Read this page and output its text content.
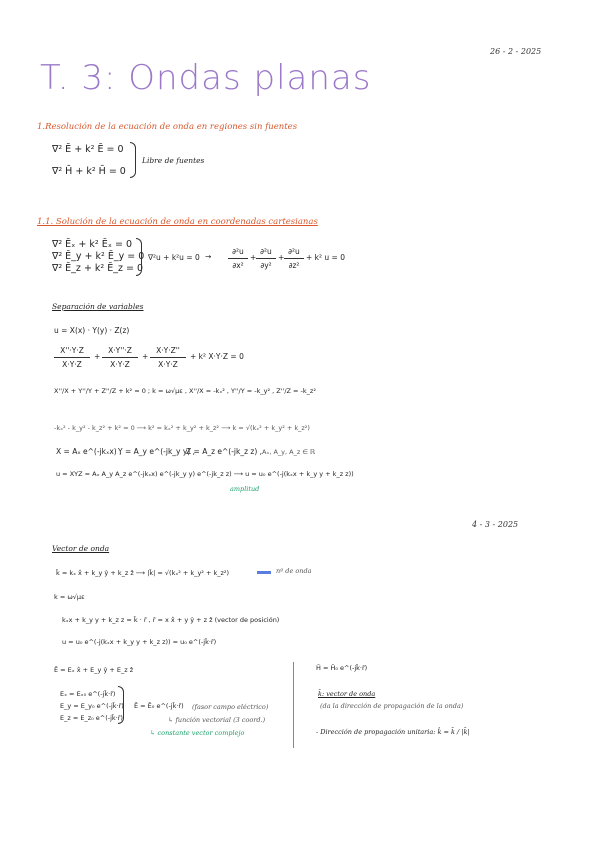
26 - 2 - 2025
4 - 3 - 2025
T. 3: Ondas planas
1.Resolución de la ecuación de onda en regiones sin fuentes
∇² Ē + k² Ē = 0
∇² H̄ + k² H̄ = 0
Libre de fuentes
1.1. Solución de la ecuación de onda en coordenadas cartesianas
∇² Ēₓ + k² Ēₓ = 0
∇² Ē_y + k² Ē_y = 0
∇² Ē_z + k² Ē_z = 0
∇²u + k²u = 0 →
∂²u
∂x²
+
∂²u
∂y²
+
∂²u
∂z²
+ k² u = 0
Separación de variables
u = X(x) · Y(y) · Z(z)
X''·Y·Z
X·Y·Z
+
X·Y''·Z
X·Y·Z
+
X·Y·Z''
X·Y·Z
+ k² X·Y·Z = 0
X''/X + Y''/Y + Z''/Z + k² = 0 ; k = ω√με , X''/X = -kₓ² , Y''/Y = -k_y² , Z''/Z = -k_z²
-kₓ² - k_y² - k_z² + k² = 0 ⟶ k² = kₓ² + k_y² + k_z² ⟶ k = √(kₓ² + k_y² + k_z²)
X = Aₓ e^(-jkₓx) ,
Y = A_y e^(-jk_y y) ,
Z = A_z e^(-jk_z z) , Aₓ, A_y, A_z ∈ ℝ
u = XYZ = Aₓ A_y A_z e^(-jkₓx) e^(-jk_y y) e^(-jk_z z) ⟶ u = u₀ e^(-j(kₓx + k_y y + k_z z))
amplitud
Vector de onda
k̄ = kₓ x̂ + k_y ŷ + k_z ẑ ⟶ |k̄| = √(kₓ² + k_y² + k_z²)	nº de onda
k = ω√με
kₓx + k_y y + k_z z = k̄ · r̄ , r̄ = x x̂ + y ŷ + z ẑ (vector de posición)
u = u₀ e^(-j(kₓx + k_y y + k_z z)) = u₀ e^(-jk̄·r̄)
Ē = Eₓ x̂ + E_y ŷ + E_z ẑ
Eₓ = Eₓ₀ e^(-jk̄·r̄)
E_y = E_y₀ e^(-jk̄·r̄)
E_z = E_z₀ e^(-jk̄·r̄)
Ē = Ē₀ e^(-jk̄·r̄) (fasor campo eléctrico)
↳ función vectorial (3 coord.)
↳ constante vector complejo
H̄ = H̄₀ e^(-jk̄·r̄)
k̄: vector de onda
(da la dirección de propagación de la onda)
- Dirección de propagación unitaria: k̂ = k̄ / |k̄|
